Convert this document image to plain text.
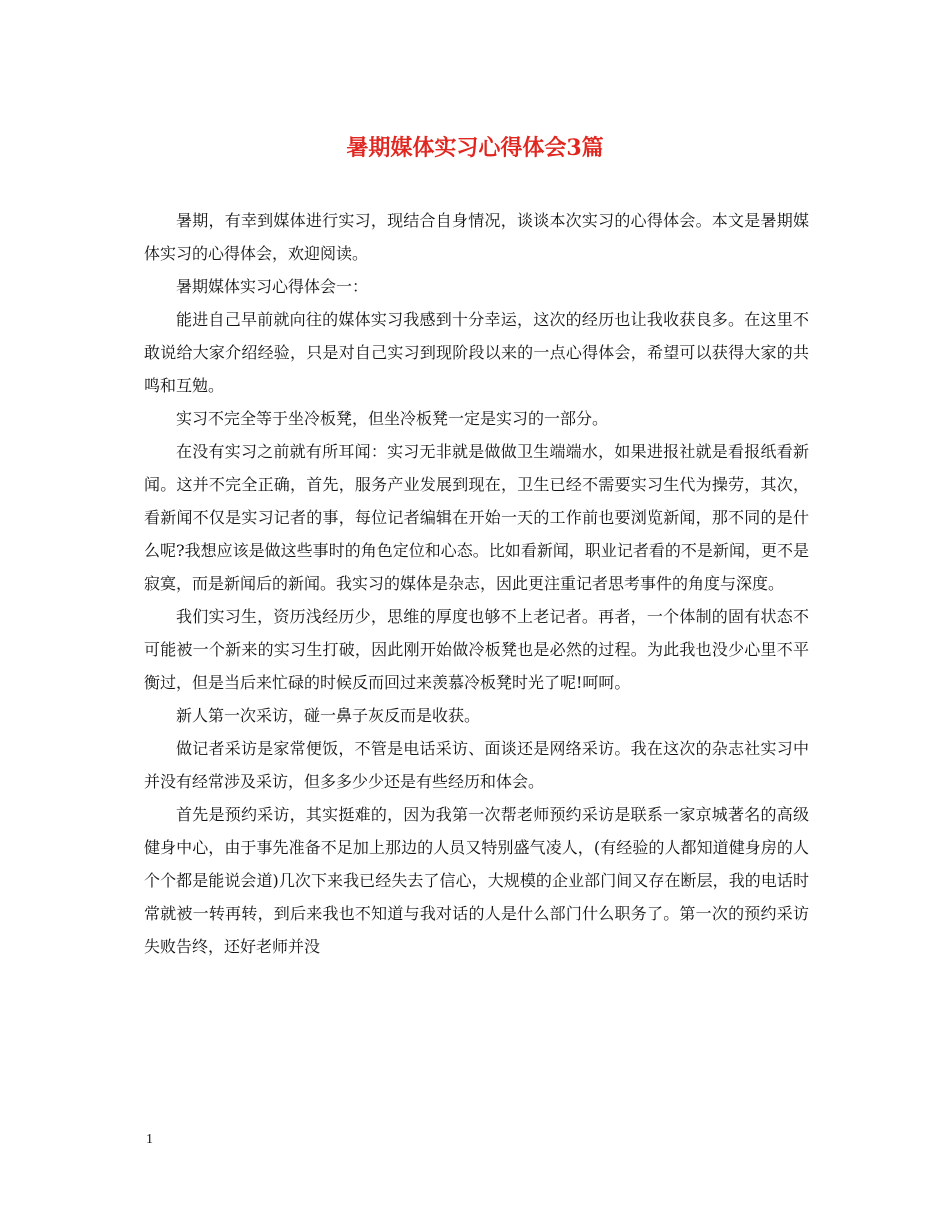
暑期媒体实习心得体会3篇

暑期，有幸到媒体进行实习，现结合自身情况，谈谈本次实习的心得体会。本文是暑期媒体实习的心得体会，欢迎阅读。

暑期媒体实习心得体会一：

能进自己早前就向往的媒体实习我感到十分幸运，这次的经历也让我收获良多。在这里不敢说给大家介绍经验，只是对自己实习到现阶段以来的一点心得体会，希望可以获得大家的共鸣和互勉。

实习不完全等于坐冷板凳，但坐冷板凳一定是实习的一部分。

在没有实习之前就有所耳闻：实习无非就是做做卫生端端水，如果进报社就是看报纸看新闻。这并不完全正确，首先，服务产业发展到现在，卫生已经不需要实习生代为操劳，其次，看新闻不仅是实习记者的事，每位记者编辑在开始一天的工作前也要浏览新闻，那不同的是什么呢?我想应该是做这些事时的角色定位和心态。比如看新闻，职业记者看的不是新闻，更不是寂寞，而是新闻后的新闻。我实习的媒体是杂志，因此更注重记者思考事件的角度与深度。

我们实习生，资历浅经历少，思维的厚度也够不上老记者。再者，一个体制的固有状态不可能被一个新来的实习生打破，因此刚开始做冷板凳也是必然的过程。为此我也没少心里不平衡过，但是当后来忙碌的时候反而回过来羡慕冷板凳时光了呢!呵呵。

新人第一次采访，碰一鼻子灰反而是收获。

做记者采访是家常便饭，不管是电话采访、面谈还是网络采访。我在这次的杂志社实习中并没有经常涉及采访，但多多少少还是有些经历和体会。

首先是预约采访，其实挺难的，因为我第一次帮老师预约采访是联系一家京城著名的高级健身中心，由于事先准备不足加上那边的人员又特别盛气凌人，(有经验的人都知道健身房的人个个都是能说会道)几次下来我已经失去了信心，大规模的企业部门间又存在断层，我的电话时常就被一转再转，到后来我也不知道与我对话的人是什么部门什么职务了。第一次的预约采访失败告终，还好老师并没

1
